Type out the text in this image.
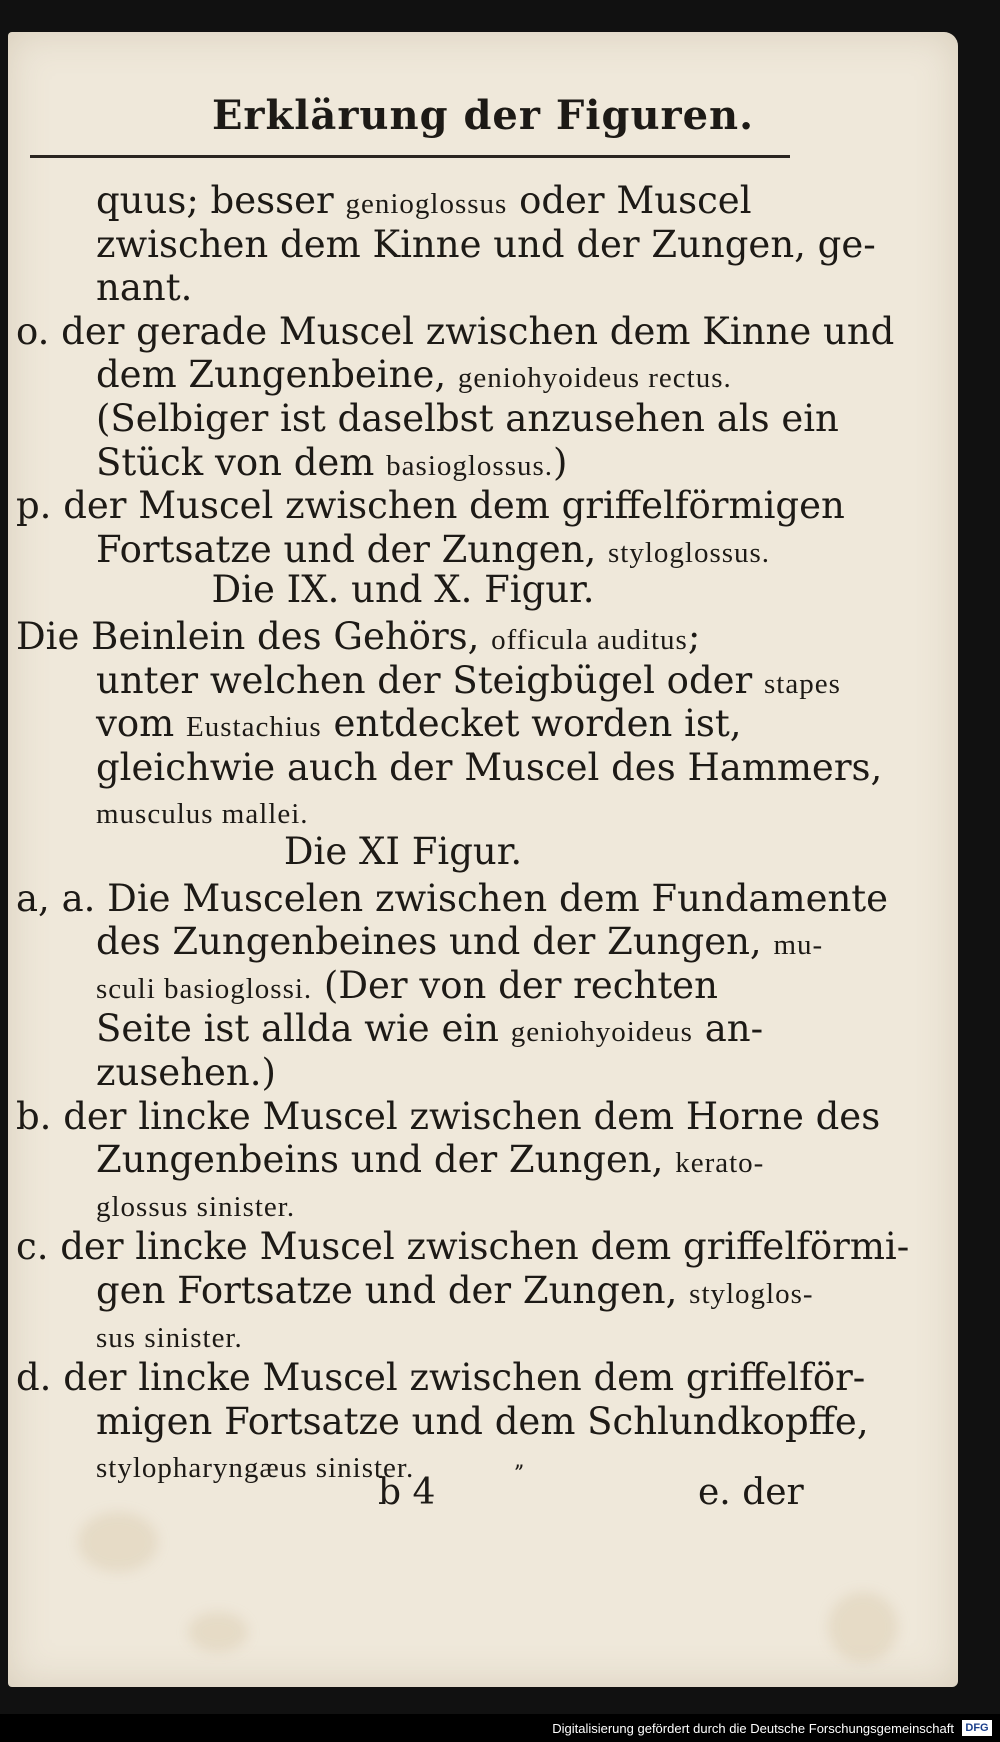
Erklärung der Figuren.
quus; besser genioglossus oder Muscel
zwischen dem Kinne und der Zungen, ge-
nant.
o. der gerade Muscel zwischen dem Kinne und
dem Zungenbeine, geniohyoideus rectus.
(Selbiger ist daselbst anzusehen als ein
Stück von dem basioglossus.)
p. der Muscel zwischen dem griffelförmigen
Fortsatze und der Zungen, styloglossus.
Die IX. und X. Figur.
Die Beinlein des Gehörs, officula auditus;
unter welchen der Steigbügel oder stapes
vom Eustachius entdecket worden ist,
gleichwie auch der Muscel des Hammers,
musculus mallei.
Die XI Figur.
a, a. Die Muscelen zwischen dem Fundamente
des Zungenbeines und der Zungen, mu-
sculi basioglossi. (Der von der rechten
Seite ist allda wie ein geniohyoideus an-
zusehen.)
b. der lincke Muscel zwischen dem Horne des
Zungenbeins und der Zungen, kerato-
glossus sinister.
c. der lincke Muscel zwischen dem griffelförmi-
gen Fortsatze und der Zungen, styloglos-
sus sinister.
d. der lincke Muscel zwischen dem griffelför-
migen Fortsatze und dem Schlundkopffe,
stylopharyngæus sinister.
b 4	ˮ	e. der
Digitalisierung gefördert durch die Deutsche Forschungsgemeinschaft	DFG
